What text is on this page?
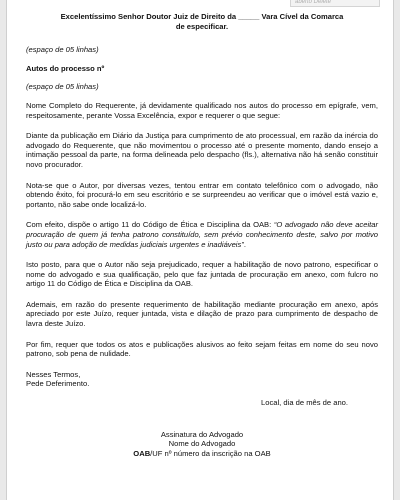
aberto Delete

Excelentíssimo Senhor Doutor Juiz de Direito da _____ Vara Cível da Comarca

de especificar.

(espaço de 05 linhas)

Autos do processo nº

(espaço de 05 linhas)

Nome Completo do Requerente, já devidamente qualificado nos autos do processo em epígrafe, vem, respeitosamente, perante Vossa Excelência, expor e requerer o que segue:

Diante da publicação em Diário da Justiça para cumprimento de ato processual, em razão da inércia do advogado do Requerente, que não movimentou o processo até o presente momento, dando ensejo a intimação pessoal da parte, na forma delineada pelo despacho (fls.), alternativa não há senão constituir novo procurador.

Nota-se que o Autor, por diversas vezes, tentou entrar em contato telefônico com o advogado, não obtendo êxito, foi procurá-lo em seu escritório e se surpreendeu ao verificar que o imóvel está vazio e, portanto, não sabe onde localizá-lo.

Com efeito, dispõe o artigo 11 do Código de Ética e Disciplina da OAB: “O advogado não deve aceitar procuração de quem já tenha patrono constituído, sem prévio conhecimento deste, salvo por motivo justo ou para adoção de medidas judiciais urgentes e inadiáveis”.

Isto posto, para que o Autor não seja prejudicado, requer a habilitação de novo patrono, especificar o nome do advogado e sua qualificação, pelo que faz juntada de procuração em anexo, com fulcro no artigo 11 do Código de Ética e Disciplina da OAB.

Ademais, em razão do presente requerimento de habilitação mediante procuração em anexo, após apreciado por este Juízo, requer juntada, vista e dilação de prazo para cumprimento de despacho de lavra deste Juízo.

Por fim, requer que todos os atos e publicações alusivos ao feito sejam feitas em nome do seu novo patrono, sob pena de nulidade.

Nesses Termos,

Pede Deferimento.

Local, dia de mês de ano.

Assinatura do Advogado

Nome do Advogado

OAB/UF nº número da inscrição na OAB
